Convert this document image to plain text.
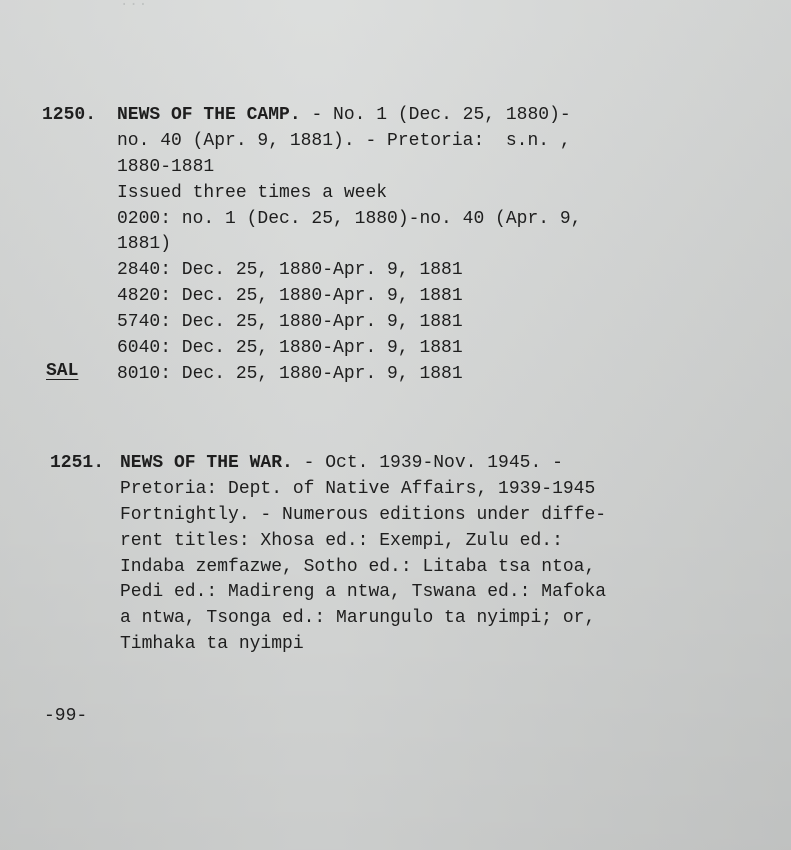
...
1250. NEWS OF THE CAMP. - No. 1 (Dec. 25, 1880)-
no. 40 (Apr. 9, 1881). - Pretoria:  s.n. ,
1880-1881
Issued three times a week
0200: no. 1 (Dec. 25, 1880)-no. 40 (Apr. 9,
1881)
2840: Dec. 25, 1880-Apr. 9, 1881
4820: Dec. 25, 1880-Apr. 9, 1881
5740: Dec. 25, 1880-Apr. 9, 1881
6040: Dec. 25, 1880-Apr. 9, 1881
8010: Dec. 25, 1880-Apr. 9, 1881
SAL
1251. NEWS OF THE WAR. - Oct. 1939-Nov. 1945. -
Pretoria: Dept. of Native Affairs, 1939-1945
Fortnightly. - Numerous editions under diffe-
rent titles: Xhosa ed.: Exempi, Zulu ed.:
Indaba zemfazwe, Sotho ed.: Litaba tsa ntoa,
Pedi ed.: Madireng a ntwa, Tswana ed.: Mafoka
a ntwa, Tsonga ed.: Marungulo ta nyimpi; or,
Timhaka ta nyimpi
-99-
